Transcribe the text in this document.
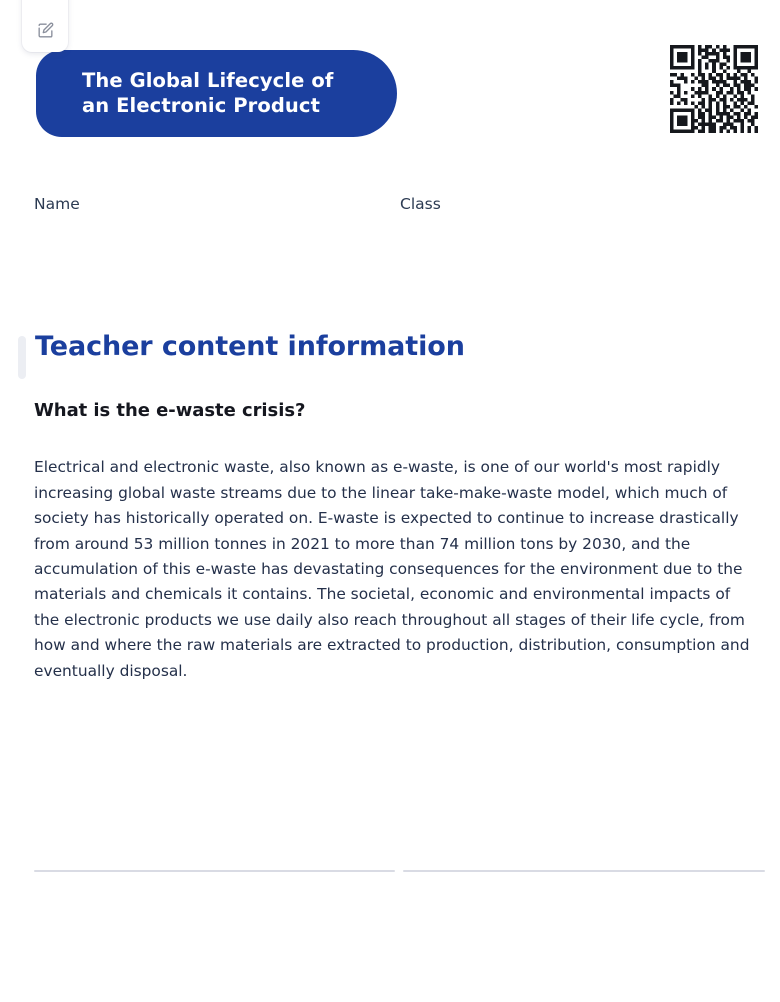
The Global Lifecycle of
an Electronic Product
Name	Class
Teacher content information
What is the e-waste crisis?

Electrical and electronic waste, also known as e-waste, is one of our world's most rapidly increasing global waste streams due to the linear take-make-waste model, which much of society has historically operated on. E-waste is expected to continue to increase drastically from around 53 million tonnes in 2021 to more than 74 million tons by 2030, and the accumulation of this e-waste has devastating consequences for the environment due to the materials and chemicals it contains. The societal, economic and environmental impacts of the electronic products we use daily also reach throughout all stages of their life cycle, from how and where the raw materials are extracted to production, distribution, consumption and eventually disposal.
